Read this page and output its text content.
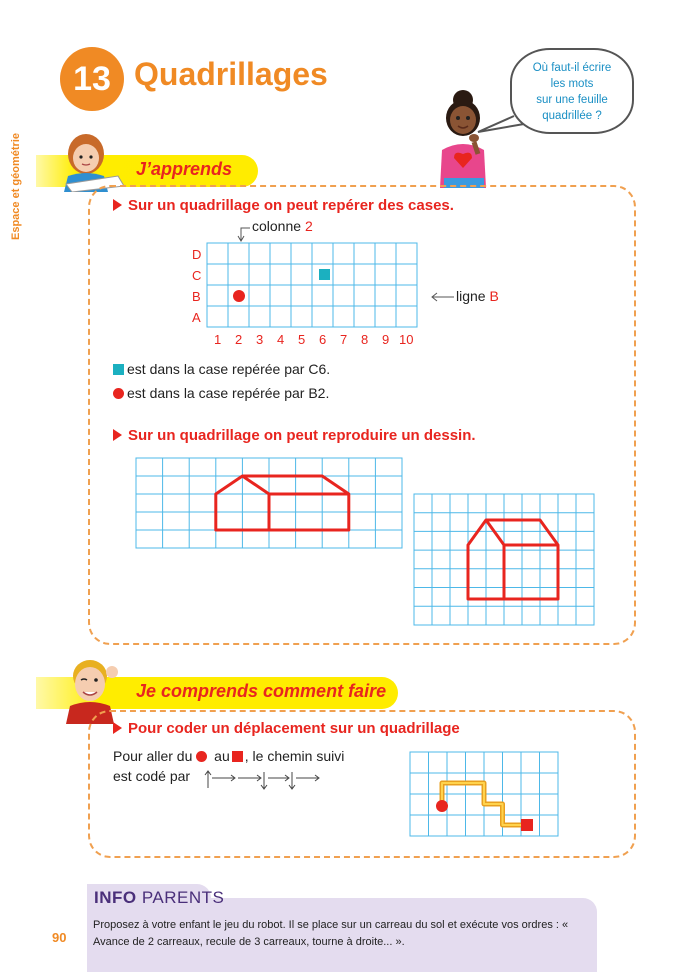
Espace et géométrie
13 Quadrillages	Où faut-il écrire
les mots
sur une feuille
quadrillée ?
J’apprends
Sur un quadrillage on peut repérer des cases.
colonne 2
D
C
B
A
1 2 3 4 5 6 7 8 9 10
ligne B
est dans la case repérée par C6.
est dans la case repérée par B2.
Sur un quadrillage on peut reproduire un dessin.
Je comprends comment faire
Pour coder un déplacement sur un quadrillage
Pour aller du au , le chemin suivi
est codé par
INFO PARENTS
Proposez à votre enfant le jeu du robot. Il se place sur un carreau du sol et exécute vos ordres : « Avance de 2 carreaux, recule de 3 carreaux, tourne à droite... ».
90
